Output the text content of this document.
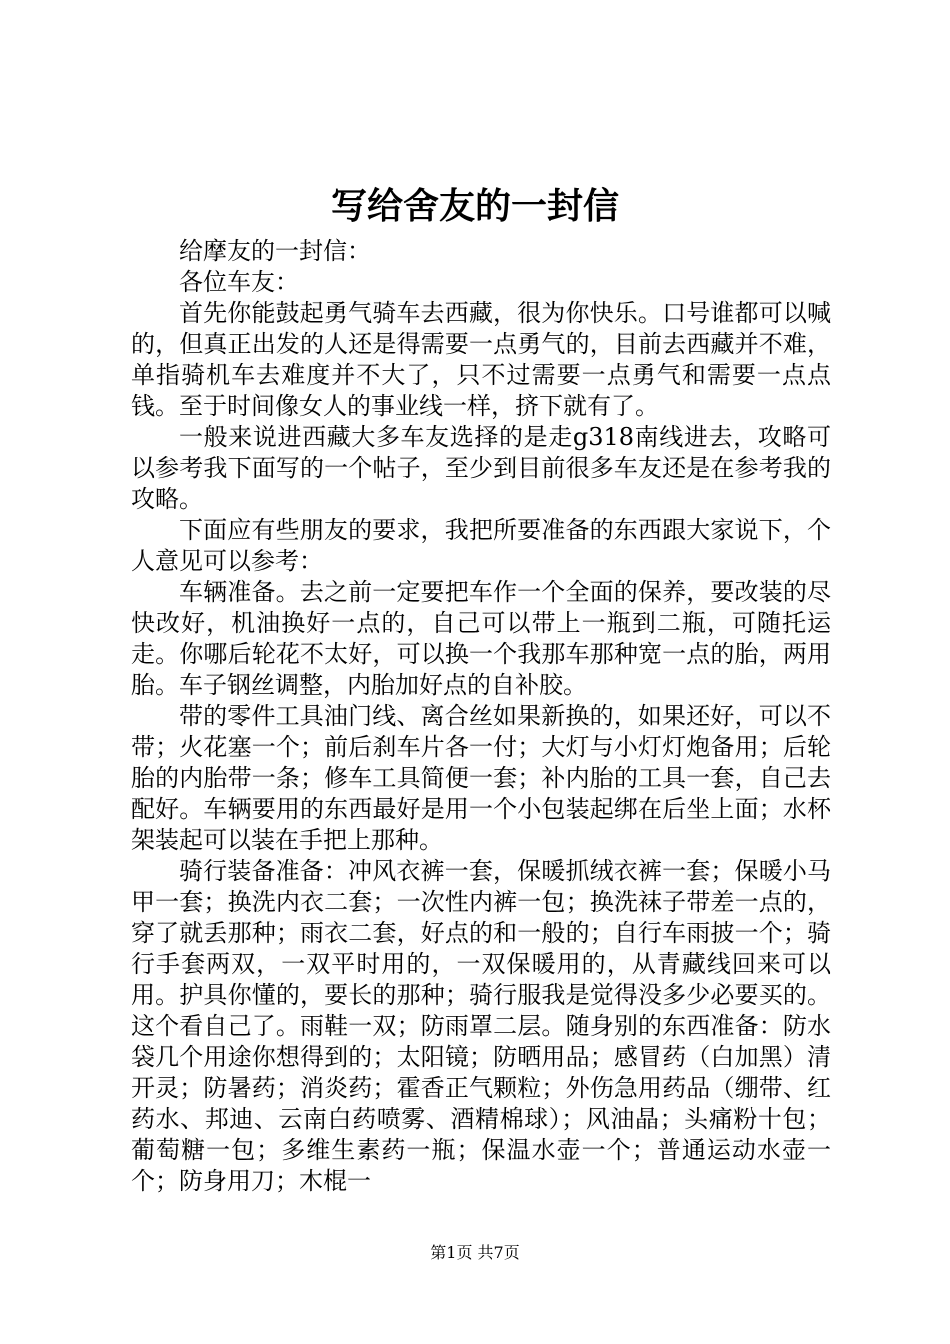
写给舍友的一封信

给摩友的一封信：

各位车友：

首先你能鼓起勇气骑车去西藏，很为你快乐。口号谁都可以喊的，但真正出发的人还是得需要一点勇气的，目前去西藏并不难，单指骑机车去难度并不大了，只不过需要一点勇气和需要一点点钱。至于时间像女人的事业线一样，挤下就有了。

一般来说进西藏大多车友选择的是走g318南线进去，攻略可以参考我下面写的一个帖子，至少到目前很多车友还是在参考我的攻略。

下面应有些朋友的要求，我把所要准备的东西跟大家说下，个人意见可以参考：

车辆准备。去之前一定要把车作一个全面的保养，要改装的尽快改好，机油换好一点的，自己可以带上一瓶到二瓶，可随托运走。你哪后轮花不太好，可以换一个我那车那种宽一点的胎，两用胎。车子钢丝调整，内胎加好点的自补胶。

带的零件工具油门线、离合丝如果新换的，如果还好，可以不带；火花塞一个；前后刹车片各一付；大灯与小灯灯炮备用；后轮胎的内胎带一条；修车工具简便一套；补内胎的工具一套，自己去配好。车辆要用的东西最好是用一个小包装起绑在后坐上面；水杯架装起可以装在手把上那种。

骑行装备准备：冲风衣裤一套，保暖抓绒衣裤一套；保暖小马甲一套；换洗内衣二套；一次性内裤一包；换洗袜子带差一点的，穿了就丢那种；雨衣二套，好点的和一般的；自行车雨披一个；骑行手套两双，一双平时用的，一双保暖用的，从青藏线回来可以用。护具你懂的，要长的那种；骑行服我是觉得没多少必要买的。这个看自己了。雨鞋一双；防雨罩二层。随身别的东西准备：防水袋几个用途你想得到的；太阳镜；防晒用品；感冒药（白加黑）清开灵；防暑药；消炎药；霍香正气颗粒；外伤急用药品（绷带、红药水、邦迪、云南白药喷雾、酒精棉球）；风油晶；头痛粉十包；葡萄糖一包；多维生素药一瓶；保温水壶一个；普通运动水壶一个；防身用刀；木棍一

第1页 共7页
